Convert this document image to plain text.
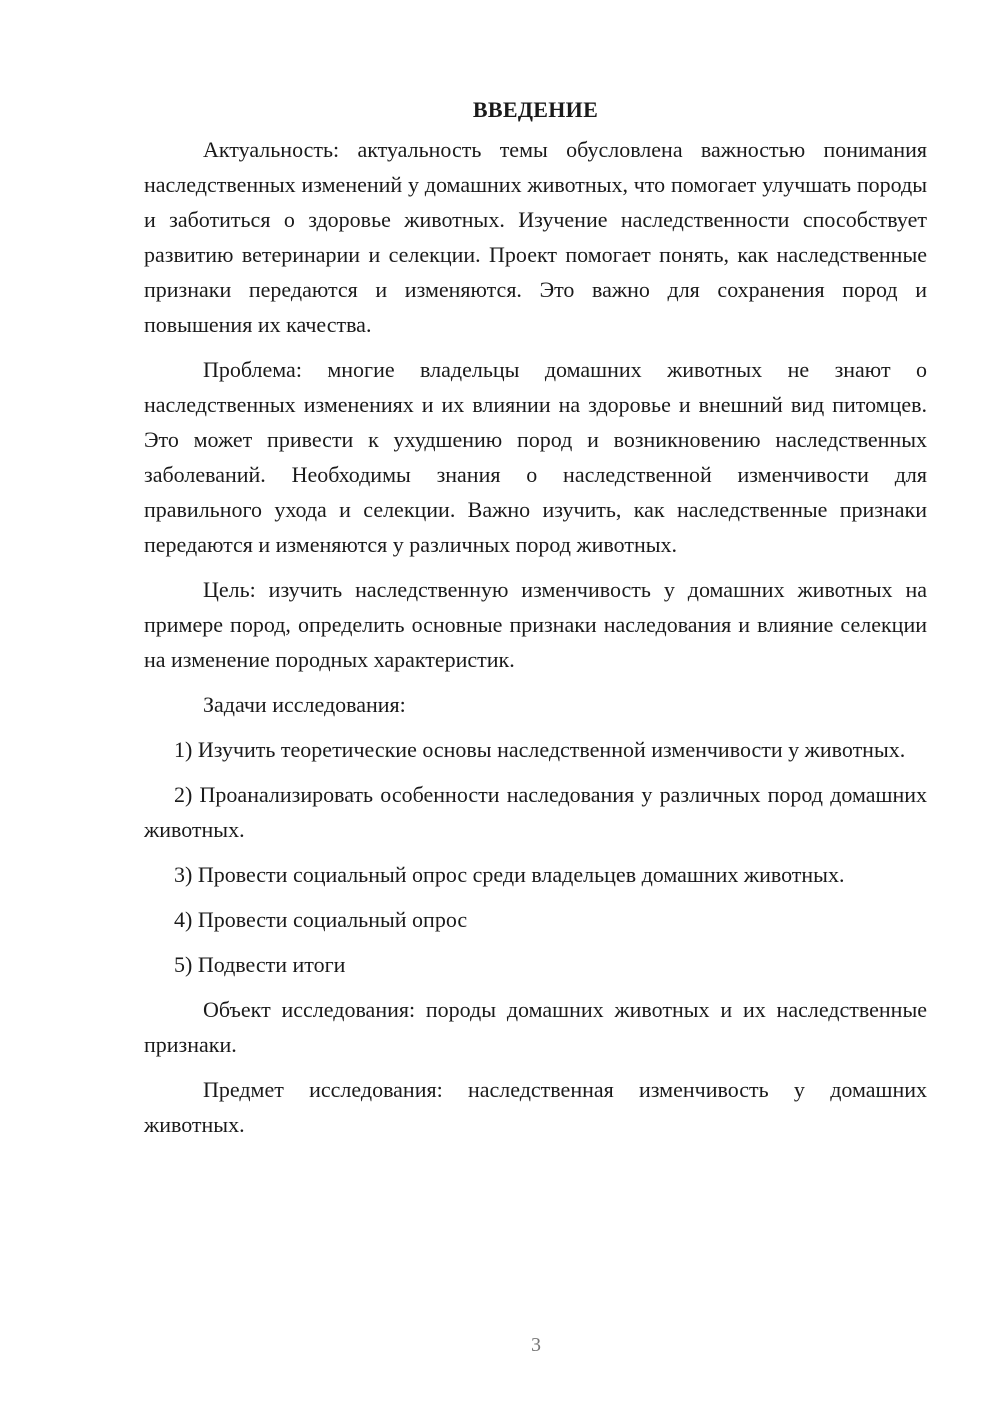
ВВЕДЕНИЕ

Актуальность: актуальность темы обусловлена важностью понимания наследственных изменений у домашних животных, что помогает улучшать породы и заботиться о здоровье животных. Изучение наследственности способствует развитию ветеринарии и селекции. Проект помогает понять, как наследственные признаки передаются и изменяются. Это важно для сохранения пород и повышения их качества.

Проблема: многие владельцы домашних животных не знают о наследственных изменениях и их влиянии на здоровье и внешний вид питомцев. Это может привести к ухудшению пород и возникновению наследственных заболеваний. Необходимы знания о наследственной изменчивости для правильного ухода и селекции. Важно изучить, как наследственные признаки передаются и изменяются у различных пород животных.

Цель: изучить наследственную изменчивость у домашних животных на примере пород, определить основные признаки наследования и влияние селекции на изменение породных характеристик.

Задачи исследования:

1) Изучить теоретические основы наследственной изменчивости у животных.

2) Проанализировать особенности наследования у различных пород домашних животных.

3) Провести социальный опрос среди владельцев домашних животных.

4) Провести социальный опрос

5) Подвести итоги

Объект исследования: породы домашних животных и их наследственные признаки.

Предмет исследования: наследственная изменчивость у домашних животных.

3
